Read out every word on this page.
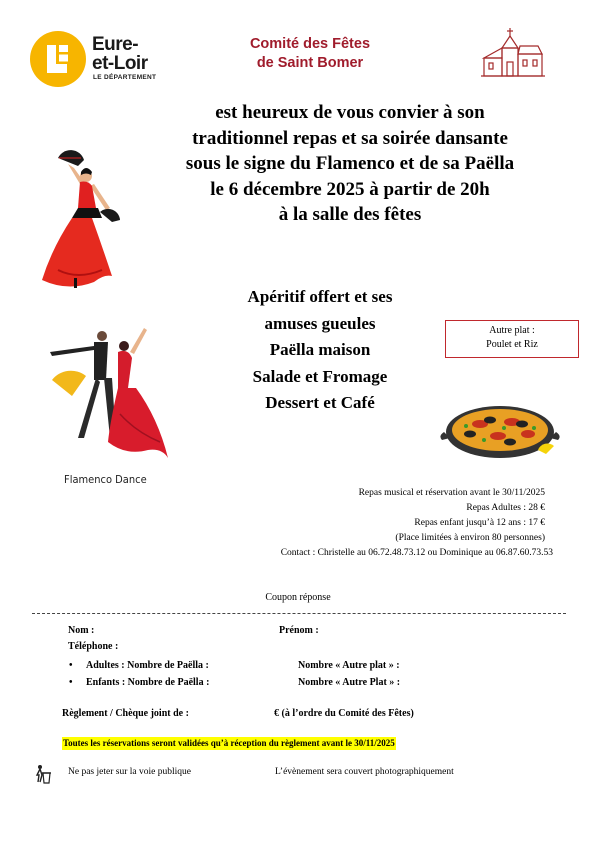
Eure-
et-Loir
LE DÉPARTEMENT
Comité des Fêtes
de Saint Bomer
est heureux de vous convier à son
traditionnel repas et sa soirée dansante
sous le signe du Flamenco et de sa Paëlla
le 6 décembre 2025 à partir de 20h
à la salle des fêtes
Flamenco Dance
Apéritif offert et ses
amuses gueules
Paëlla maison
Salade et Fromage
Dessert et Café
Autre plat :
Poulet et Riz
Repas musical et réservation avant le 30/11/2025
Repas Adultes : 28 €
Repas enfant jusqu’à 12 ans : 17 €
(Place limitées à environ 80 personnes)
Contact : Christelle au 06.72.48.73.12 ou Dominique au 06.87.60.73.53
Coupon réponse
Nom :	Prénom :
Téléphone :
• Adultes : Nombre de Paëlla :	Nombre « Autre plat » :
• Enfants : Nombre de Paëlla :	Nombre « Autre Plat » :
Règlement / Chèque joint de :	€ (à l’ordre du Comité des Fêtes)
Toutes les réservations seront validées qu’à réception du règlement avant le 30/11/2025
Ne pas jeter sur la voie publique	L’évènement sera couvert photographiquement
